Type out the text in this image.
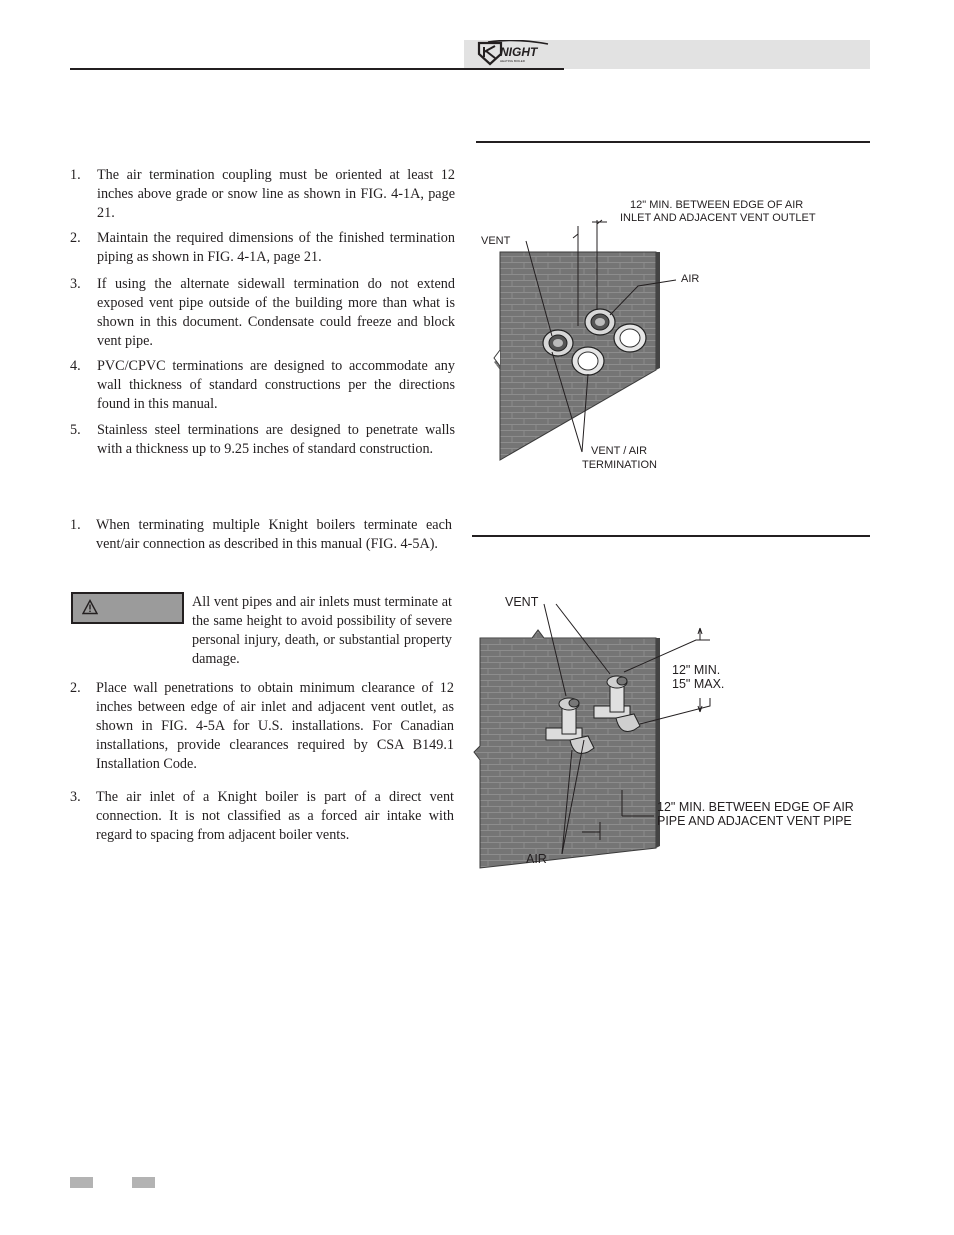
NIGHT
HEATING BOILER
1. The air termination coupling must be oriented at least 12 inches above grade or snow line as shown in FIG. 4-1A, page 21.
2. Maintain the required dimensions of the finished termination piping as shown in FIG. 4-1A, page 21.
3. If using the alternate sidewall termination do not extend exposed vent pipe outside of the building more than what is shown in this document. Condensate could freeze and block vent pipe.
4. PVC/CPVC terminations are designed to accommodate any wall thickness of standard constructions per the directions found in this manual.
5. Stainless steel terminations are designed to penetrate walls with a thickness up to 9.25 inches of standard construction.
1. When terminating multiple Knight boilers terminate each vent/air connection as described in this manual (FIG. 4-5A).
All vent pipes and air inlets must terminate at the same height to avoid possibility of severe personal injury, death, or substantial property damage.
2. Place wall penetrations to obtain minimum clearance of 12 inches between edge of air inlet and adjacent vent outlet, as shown in FIG. 4-5A for U.S. installations. For Canadian installations, provide clearances required by CSA B149.1 Installation Code.
3. The air inlet of a Knight boiler is part of a direct vent connection. It is not classified as a forced air intake with regard to spacing from adjacent boiler vents.
12" MIN. BETWEEN EDGE OF AIR
INLET AND ADJACENT VENT OUTLET
VENT
AIR
VENT / AIR
TERMINATION
VENT
12" MIN.
15" MAX.
12" MIN. BETWEEN EDGE OF AIR
PIPE AND ADJACENT VENT PIPE
AIR
